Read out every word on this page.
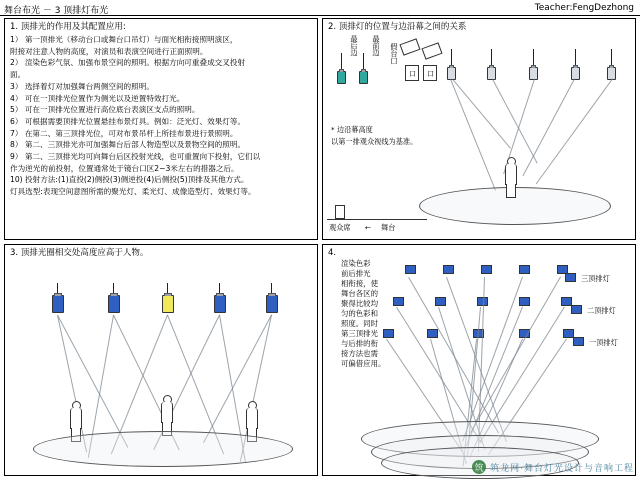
舞台布光 － 3 顶排灯布光	Teacher:FengDezhong
1. 顶排光的作用及其配置应用:

1） 第一顶排光（移动台口或舞台口吊灯）与面光相衔接照明演区，

附接对注意人物的高度，对演员和表演空间进行正面照明。

2） 渲染色彩气氛、加强布景空间的照明。根据方向可重叠成交叉投射

面。

3） 选择着灯对加强舞台两侧空间的照明。

4） 可在一顶排光位置作为侧光以及逆置特效打光。

5） 可在一顶排光位置进行高位底台表演区支点的照明。

6） 可根据需要顶排光位置悬挂布景灯具。例如：泛光灯、效果灯等。

7） 在第二、第三顶排光位，可对布景吊杆上所挂布景进行景照明。

8） 第二、三顶排光亦可加强舞台后部人物造型以及景物空间的照明。

9） 第二、三顶排光均可向舞台后区投射光线，也可重置向下投射，它们以

作为逆光的前投射，位置通常处于镜台口区2~3米左右的措器之后。

10) 投射方法:(1)直投(2)侧投(3)侧逆投(4)后侧投(5)顶排及其他方式。

灯具选型:表现空间意图所需的聚光灯、柔光灯、成像造型灯、效果灯等。

2. 顶排灯的位置与边沿幕之间的关系
最后边 最前边 假台口
口 口
* 边沿幕高度
以第一排观众视线为基准。
观众席 ← 舞台
3. 顶排光圈相交处高度应高于人物。	4.
渲染色彩
前后排光
相衔接，使
舞台各区的
聚得比较均
匀的色彩和
照度。同时
第三顶排光
与后排的衔
接方法也需
可偏借应用。
三顶排灯
二顶排灯
一顶排灯
筑 筑龙网·舞台灯光设计与音响工程
